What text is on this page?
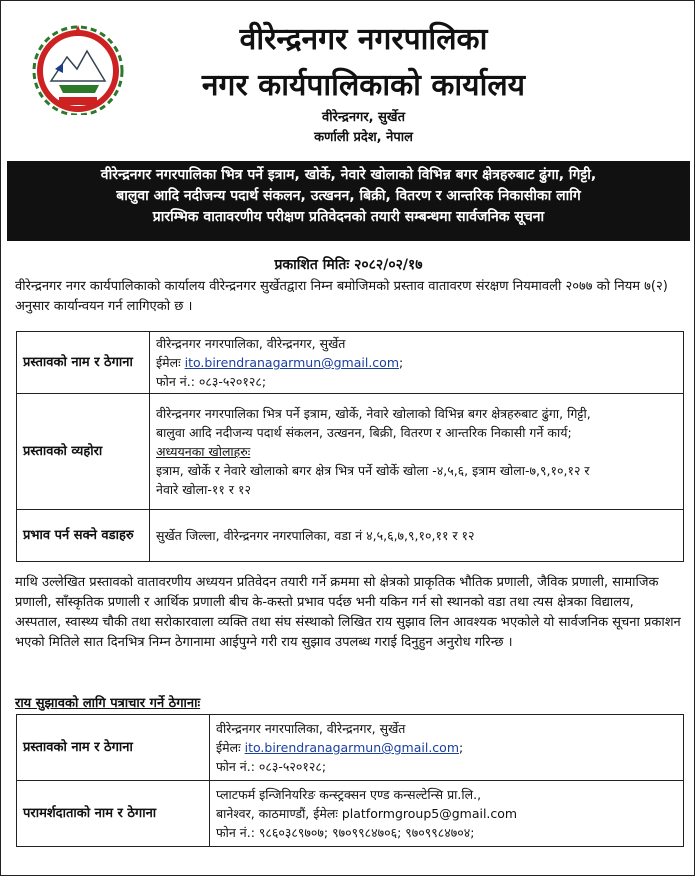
वीरेन्द्रनगर नगरपालिका
नगर कार्यपालिकाको कार्यालय
वीरेन्द्रनगर, सुर्खेत
कर्णाली प्रदेश, नेपाल
वीरेन्द्रनगर नगरपालिका भित्र पर्ने इत्राम, खोर्के, नेवारे खोलाको विभिन्न बगर क्षेत्रहरुबाट ढुंगा, गिट्टी,
बालुवा आदि नदीजन्य पदार्थ संकलन, उत्खनन, बिक्री, वितरण र आन्तरिक निकासीका लागि
प्रारम्भिक वातावरणीय परीक्षण प्रतिवेदनको तयारी सम्बन्धमा सार्वजनिक सूचना
प्रकाशित मितिः २०८२/०२/१७
वीरेन्द्रनगर नगर कार्यपालिकाको कार्यालय वीरेन्द्रनगर सुर्खेतद्वारा निम्न बमोजिमको प्रस्ताव वातावरण संरक्षण नियमावली २०७७ को नियम ७(२) अनुसार कार्यान्वयन गर्न लागिएको छ ।
प्रस्तावको नाम र ठेगाना	वीरेन्द्रनगर नगरपालिका, वीरेन्द्रनगर, सुर्खेत
ईमेलः ito.birendranagarmun@gmail.com;
फोन नं.: ०८३-५२०१२८;

प्रस्तावको व्यहोरा	वीरेन्द्रनगर नगरपालिका भित्र पर्ने इत्राम, खोर्के, नेवारे खोलाको विभिन्न बगर क्षेत्रहरुबाट ढुंगा, गिट्टी,
बालुवा आदि नदीजन्य पदार्थ संकलन, उत्खनन, बिक्री, वितरण र आन्तरिक निकासी गर्ने कार्य;
अध्ययनका खोलाहरुः
इत्राम, खोर्के र नेवारे खोलाको बगर क्षेत्र भित्र पर्ने खोर्के खोला -४,५,६, इत्राम खोला-७,९,१०,१२ र
नेवारे खोला-११ र १२

प्रभाव पर्न सक्ने वडाहरु	सुर्खेत जिल्ला, वीरेन्द्रनगर नगरपालिका, वडा नं ४,५,६,७,९,१०,११ र १२
माथि उल्लेखित प्रस्तावको वातावरणीय अध्ययन प्रतिवेदन तयारी गर्ने क्रममा सो क्षेत्रको प्राकृतिक भौतिक प्रणाली, जैविक प्रणाली, सामाजिक प्रणाली, साँस्कृतिक प्रणाली र आर्थिक प्रणाली बीच के-कस्तो प्रभाव पर्दछ भनी यकिन गर्न सो स्थानको वडा तथा त्यस क्षेत्रका विद्यालय, अस्पताल, स्वास्थ्य चौकी तथा सरोकारवाला व्यक्ति तथा संघ संस्थाको लिखित राय सुझाव लिन आवश्यक भएकोले यो सार्वजनिक सूचना प्रकाशन भएको मितिले सात दिनभित्र निम्न ठेगानामा आईपुग्ने गरी राय सुझाव उपलब्ध गराई दिनुहुन अनुरोध गरिन्छ ।
राय सुझावको लागि पत्राचार गर्ने ठेगानाः
प्रस्तावको नाम र ठेगाना	वीरेन्द्रनगर नगरपालिका, वीरेन्द्रनगर, सुर्खेत
ईमेलः ito.birendranagarmun@gmail.com;
फोन नं.: ०८३-५२०१२८;

परामर्शदाताको नाम र ठेगाना	प्लाटफर्म इन्जिनियरिङ कन्स्ट्रक्सन एण्ड कन्सल्टेन्सि प्रा.लि.,
बानेश्वर, काठमाण्डौं, ईमेलः platformgroup5@gmail.com
फोन नं.: ९८६०३८९७०७; ९७०९९८४७०६; ९७०९९८४७०४;
